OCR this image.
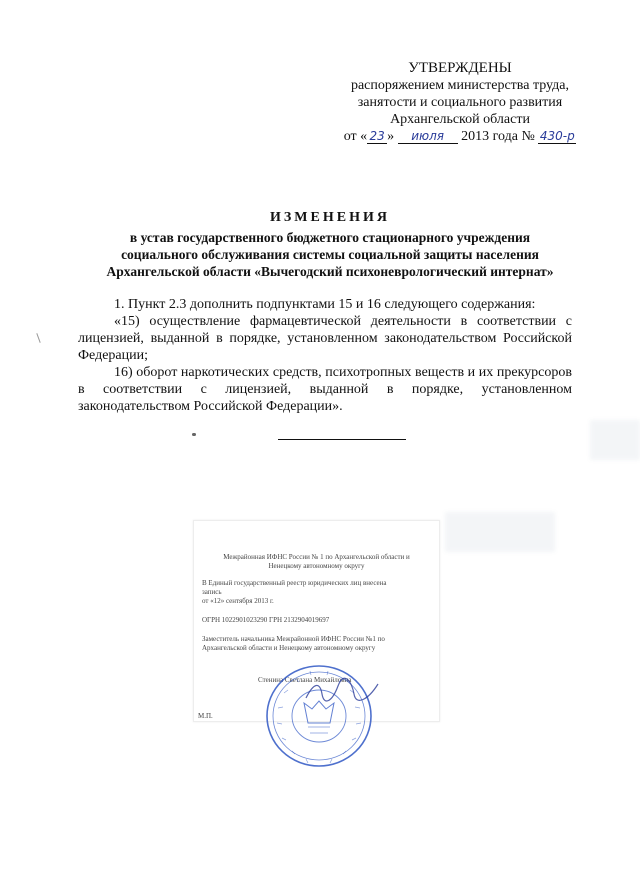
УТВЕРЖДЕНЫ
распоряжением министерства труда,
занятости и социального развития
Архангельской области
от « 23 » июля 2013 года № 430-р
ИЗМЕНЕНИЯ
в устав государственного бюджетного стационарного учреждения
социального обслуживания системы социальной защиты населения
Архангельской области «Вычегодский психоневрологический интернат»

1. Пункт 2.3 дополнить подпунктами 15 и 16 следующего содержания:

«15) осуществление фармацевтической деятельности в соответствии с лицензией, выданной в порядке, установленном законодательством Российской Федерации;

16) оборот наркотических средств, психотропных веществ и их прекурсоров в соответствии с лицензией, выданной в порядке, установленном законодательством Российской Федерации».

Межрайонная ИФНС России № 1 по Архангельской области и
Ненецкому автономному округу
В Единый государственный реестр юридических лиц внесена
запись
от «12» сентября 2013 г.
ОГРН 1022901023290 ГРН 2132904019697
Заместитель начальника Межрайонной ИФНС России №1 по
Архангельской области и Ненецкому автономному округу
Стенина Светлана Михайловна
М.П.
